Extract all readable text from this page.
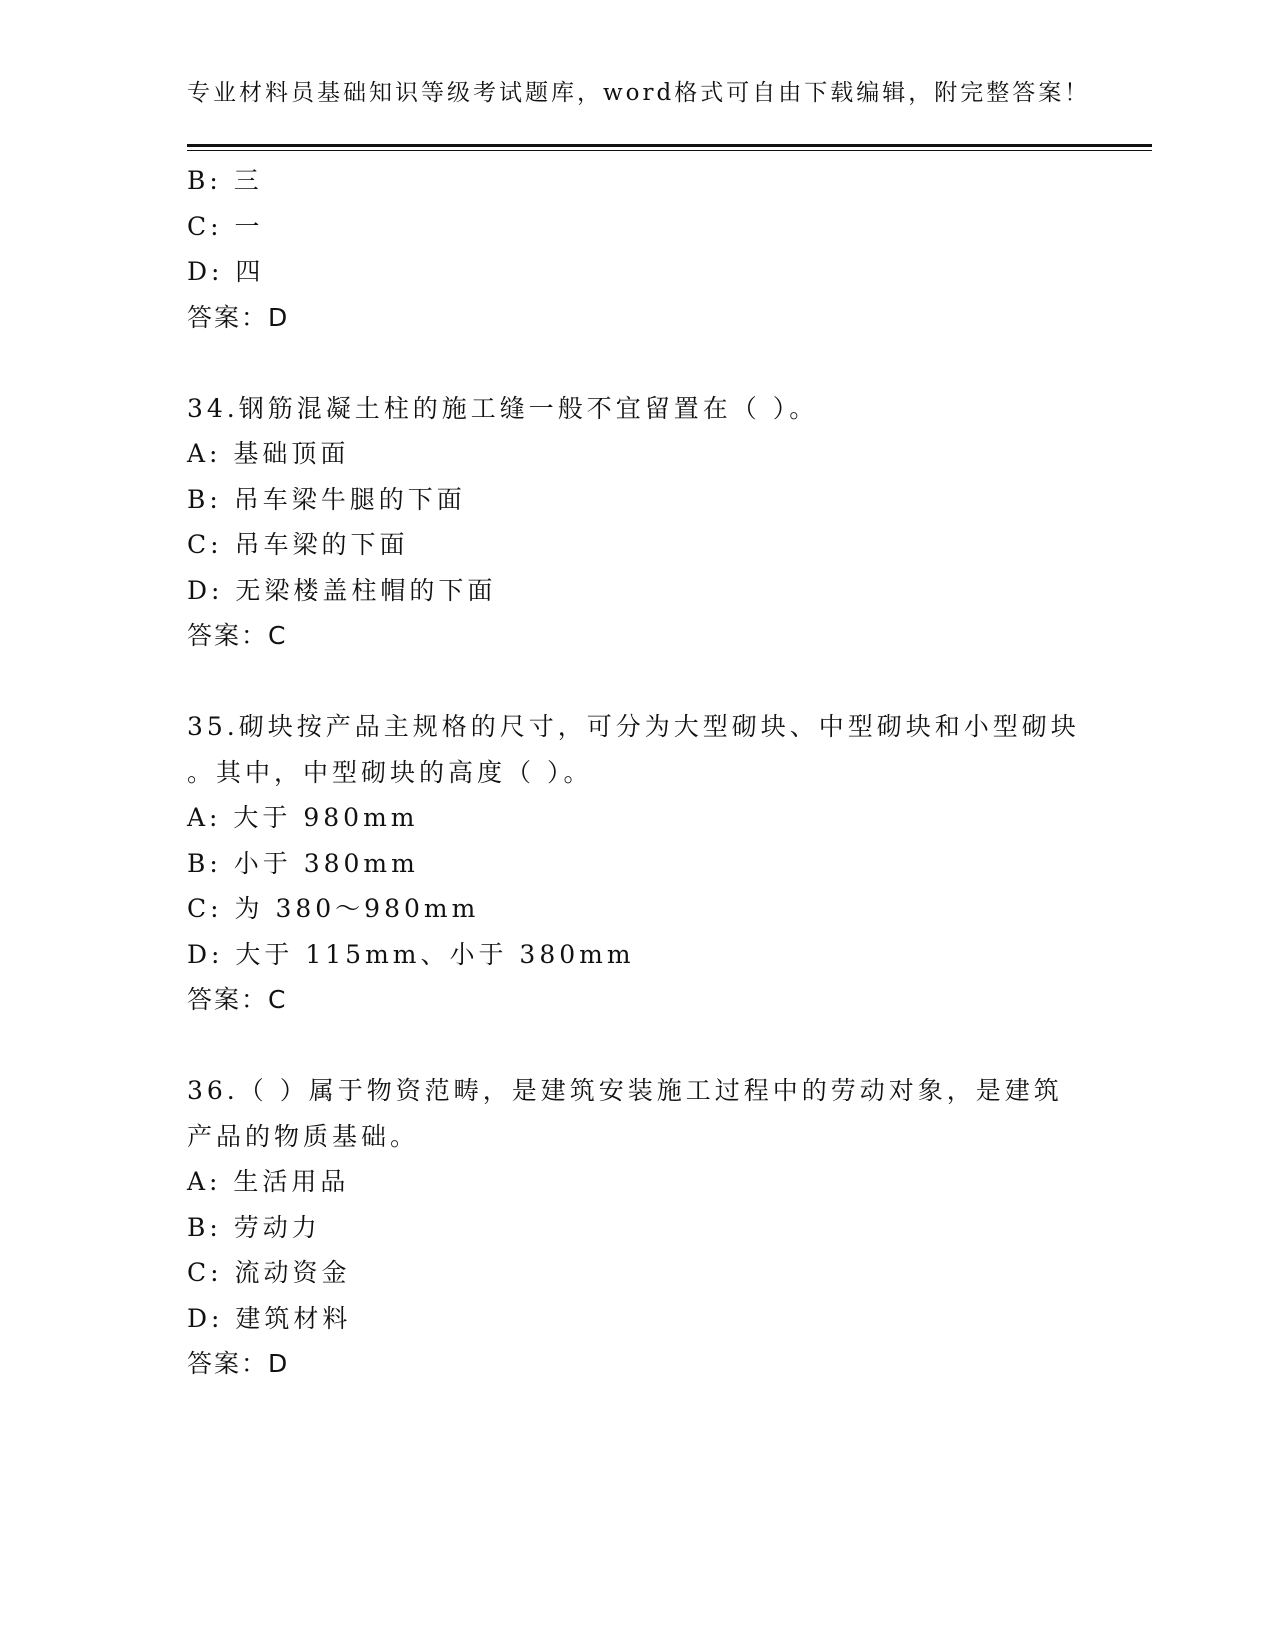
专业材料员基础知识等级考试题库，word格式可自由下载编辑，附完整答案！
B: 三
C: 一
D: 四
答案：D
34.钢筋混凝土柱的施工缝一般不宜留置在（ ）。
A: 基础顶面
B: 吊车梁牛腿的下面
C: 吊车梁的下面
D: 无梁楼盖柱帽的下面
答案：C
35.砌块按产品主规格的尺寸，可分为大型砌块、中型砌块和小型砌块
。其中，中型砌块的高度（ ）。
A: 大于 980mm
B: 小于 380mm
C: 为 380～980mm
D: 大于 115mm、小于 380mm
答案：C
36.（ ）属于物资范畴，是建筑安装施工过程中的劳动对象，是建筑
产品的物质基础。
A: 生活用品
B: 劳动力
C: 流动资金
D: 建筑材料
答案：D
